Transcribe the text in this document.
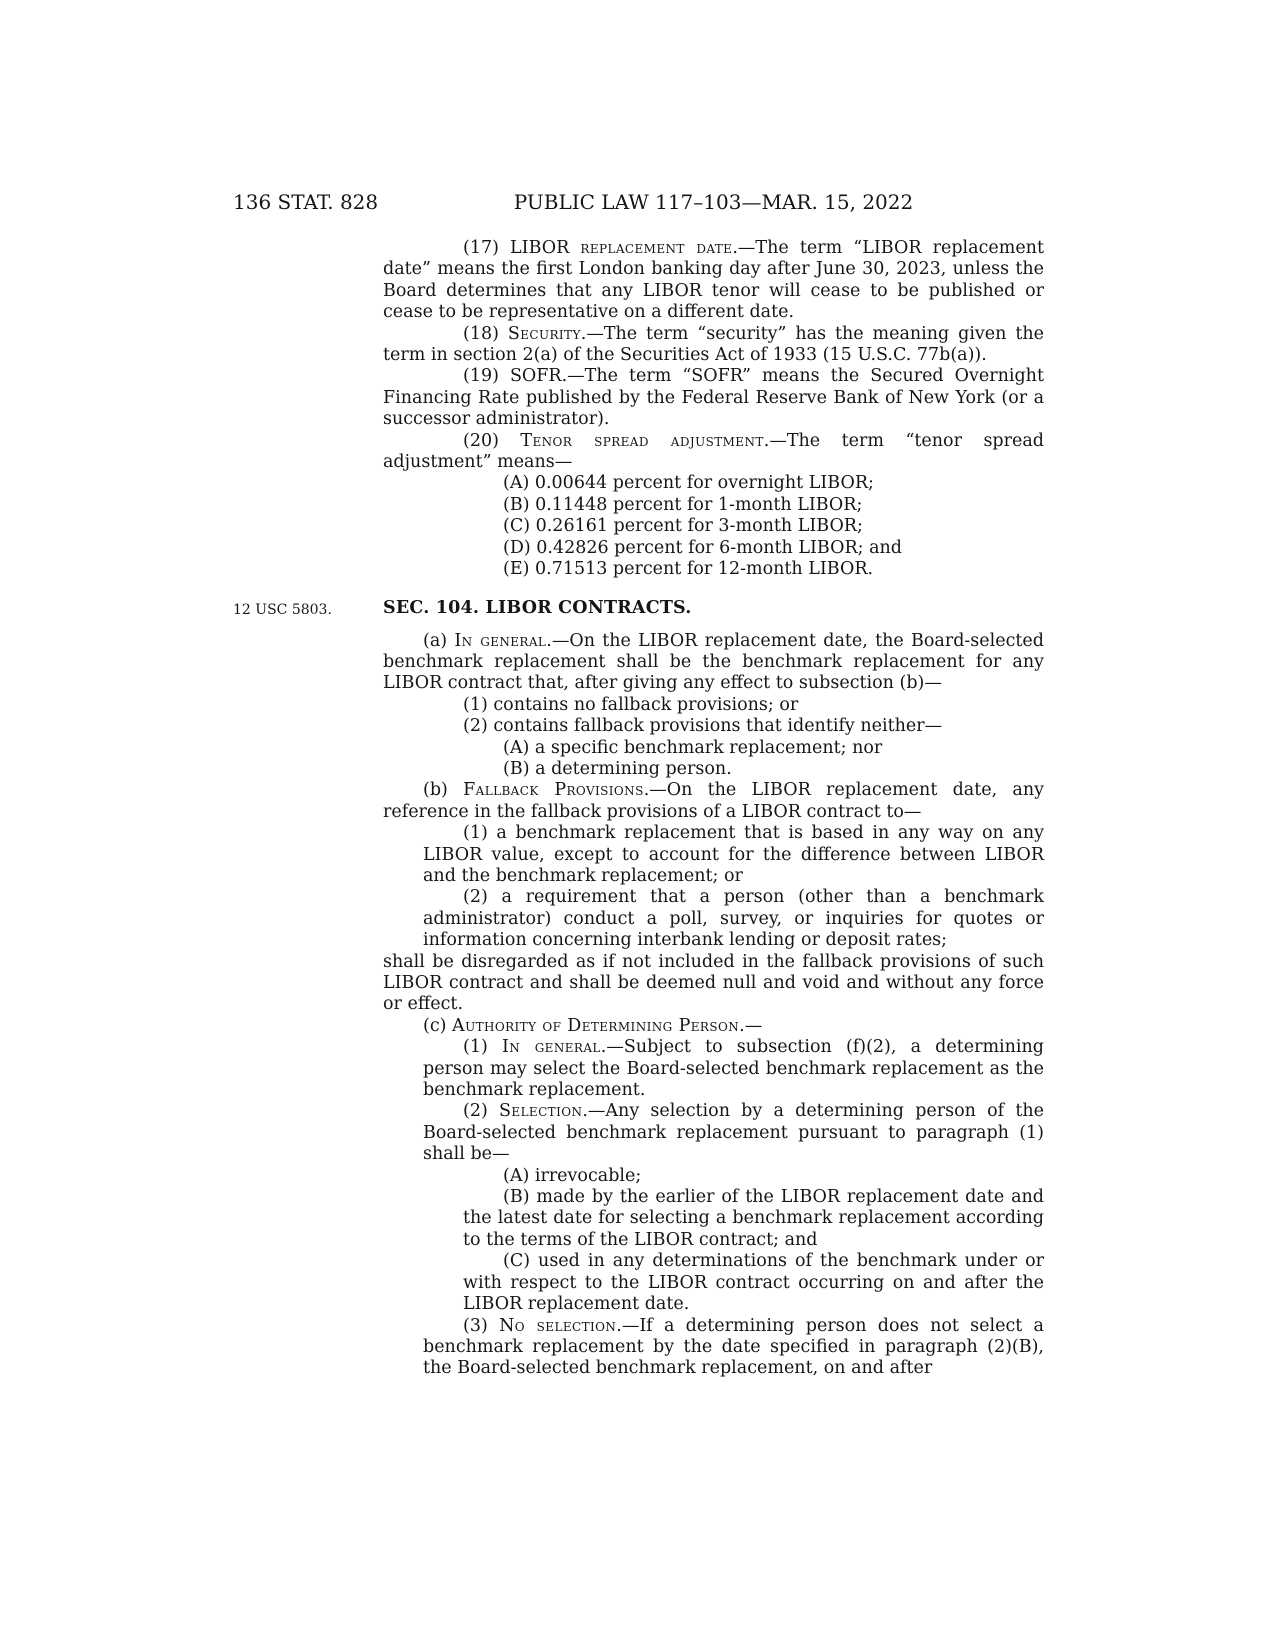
136 STAT. 828	PUBLIC LAW 117–103—MAR. 15, 2022
(17) LIBOR replacement date.—The term “LIBOR replacement date” means the first London banking day after June 30, 2023, unless the Board determines that any LIBOR tenor will cease to be published or cease to be representative on a different date.
(18) Security.—The term “security” has the meaning given the term in section 2(a) of the Securities Act of 1933 (15 U.S.C. 77b(a)).
(19) SOFR.—The term “SOFR” means the Secured Overnight Financing Rate published by the Federal Reserve Bank of New York (or a successor administrator).
(20) Tenor spread adjustment.—The term “tenor spread adjustment” means—
(A) 0.00644 percent for overnight LIBOR;
(B) 0.11448 percent for 1-month LIBOR;
(C) 0.26161 percent for 3-month LIBOR;
(D) 0.42826 percent for 6-month LIBOR; and
(E) 0.71513 percent for 12-month LIBOR.
12 USC 5803.	SEC. 104. LIBOR CONTRACTS.
(a) In general.—On the LIBOR replacement date, the Board-selected benchmark replacement shall be the benchmark replacement for any LIBOR contract that, after giving any effect to subsection (b)—
(1) contains no fallback provisions; or
(2) contains fallback provisions that identify neither—
(A) a specific benchmark replacement; nor
(B) a determining person.
(b) Fallback Provisions.—On the LIBOR replacement date, any reference in the fallback provisions of a LIBOR contract to—
(1) a benchmark replacement that is based in any way on any LIBOR value, except to account for the difference between LIBOR and the benchmark replacement; or
(2) a requirement that a person (other than a benchmark administrator) conduct a poll, survey, or inquiries for quotes or information concerning interbank lending or deposit rates;
shall be disregarded as if not included in the fallback provisions of such LIBOR contract and shall be deemed null and void and without any force or effect.
(c) Authority of Determining Person.—
(1) In general.—Subject to subsection (f)(2), a determining person may select the Board-selected benchmark replacement as the benchmark replacement.
(2) Selection.—Any selection by a determining person of the Board-selected benchmark replacement pursuant to paragraph (1) shall be—
(A) irrevocable;
(B) made by the earlier of the LIBOR replacement date and the latest date for selecting a benchmark replacement according to the terms of the LIBOR contract; and
(C) used in any determinations of the benchmark under or with respect to the LIBOR contract occurring on and after the LIBOR replacement date.
(3) No selection.—If a determining person does not select a benchmark replacement by the date specified in paragraph (2)(B), the Board-selected benchmark replacement, on and after
